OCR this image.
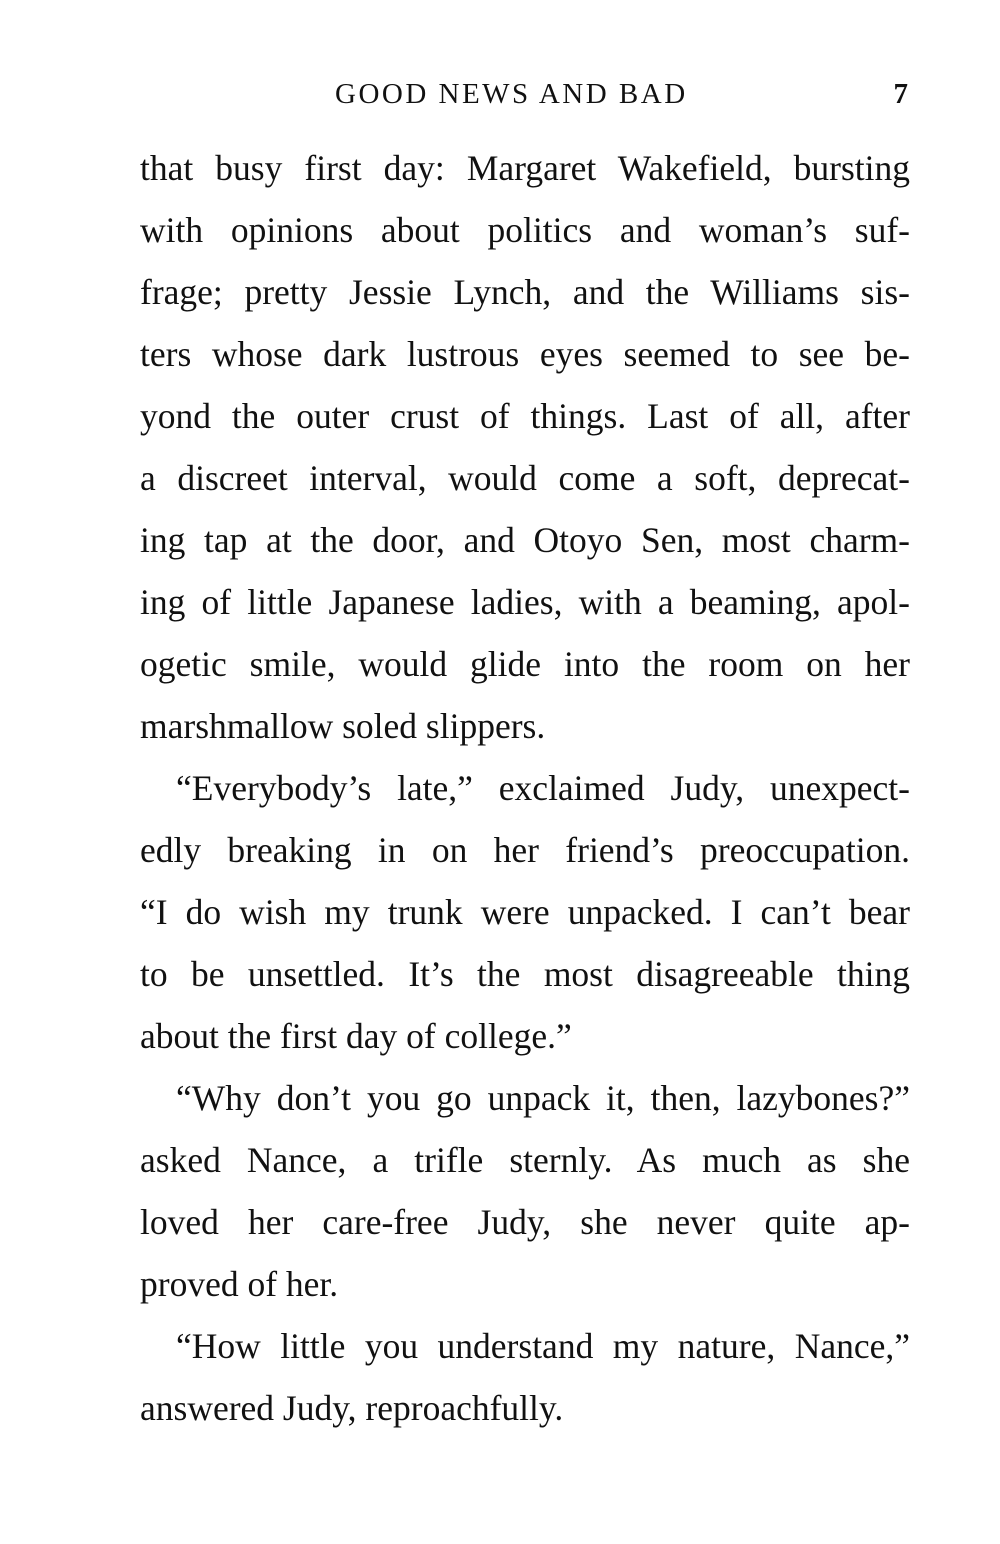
GOOD NEWS AND BAD	7
that busy first day: Margaret Wakefield, bursting
with opinions about politics and woman’s suf-
frage; pretty Jessie Lynch, and the Williams sis-
ters whose dark lustrous eyes seemed to see be-
yond the outer crust of things. Last of all, after
a discreet interval, would come a soft, deprecat-
ing tap at the door, and Otoyo Sen, most charm-
ing of little Japanese ladies, with a beaming, apol-
ogetic smile, would glide into the room on her
marshmallow soled slippers.
“Everybody’s late,” exclaimed Judy, unexpect-
edly breaking in on her friend’s preoccupation.
“I do wish my trunk were unpacked. I can’t bear
to be unsettled. It’s the most disagreeable thing
about the first day of college.”
“Why don’t you go unpack it, then, lazybones?”
asked Nance, a trifle sternly. As much as she
loved her care-free Judy, she never quite ap-
proved of her.
“How little you understand my nature, Nance,”
answered Judy, reproachfully.
